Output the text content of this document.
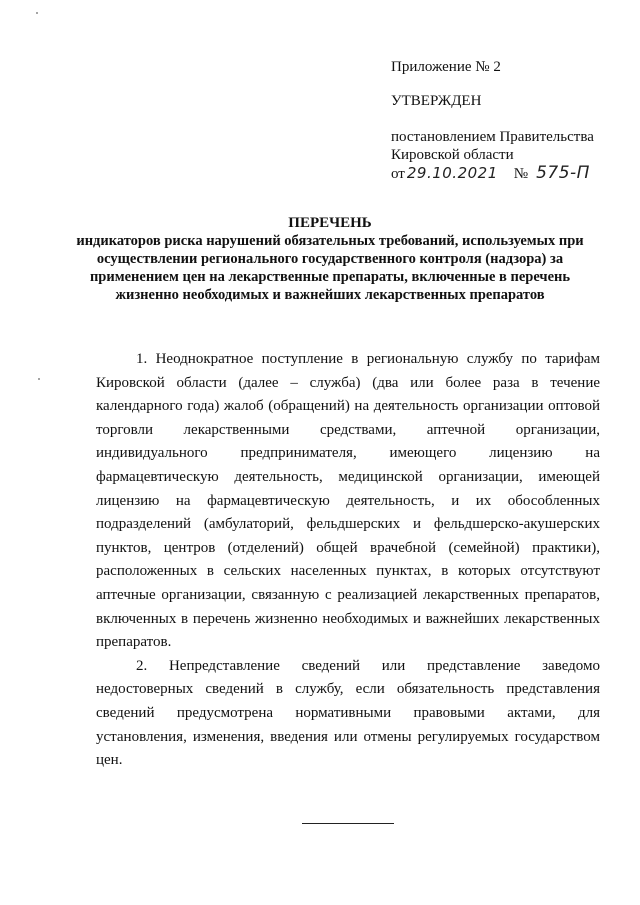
Приложение № 2
УТВЕРЖДЕН
постановлением Правительства
Кировской области
от 29.10.2021 № 575-П
ПЕРЕЧЕНЬ
индикаторов риска нарушений обязательных требований, используемых при осуществлении регионального государственного контроля (надзора) за применением цен на лекарственные препараты, включенные в перечень жизненно необходимых и важнейших лекарственных препаратов

1. Неоднократное поступление в региональную службу по тарифам Кировской области (далее – служба) (два или более раза в течение календарного года) жалоб (обращений) на деятельность организации оптовой торговли лекарственными средствами, аптечной организации, индивидуального предпринимателя, имеющего лицензию на фармацевтическую деятельность, медицинской организации, имеющей лицензию на фармацевтическую деятельность, и их обособленных подразделений (амбулаторий, фельдшерских и фельдшерско-акушерских пунктов, центров (отделений) общей врачебной (семейной) практики), расположенных в сельских населенных пунктах, в которых отсутствуют аптечные организации, связанную с реализацией лекарственных препаратов, включенных в перечень жизненно необходимых и важнейших лекарственных препаратов.

2. Непредставление сведений или представление заведомо недостоверных сведений в службу, если обязательность представления сведений предусмотрена нормативными правовыми актами, для установления, изменения, введения или отмены регулируемых государством цен.
